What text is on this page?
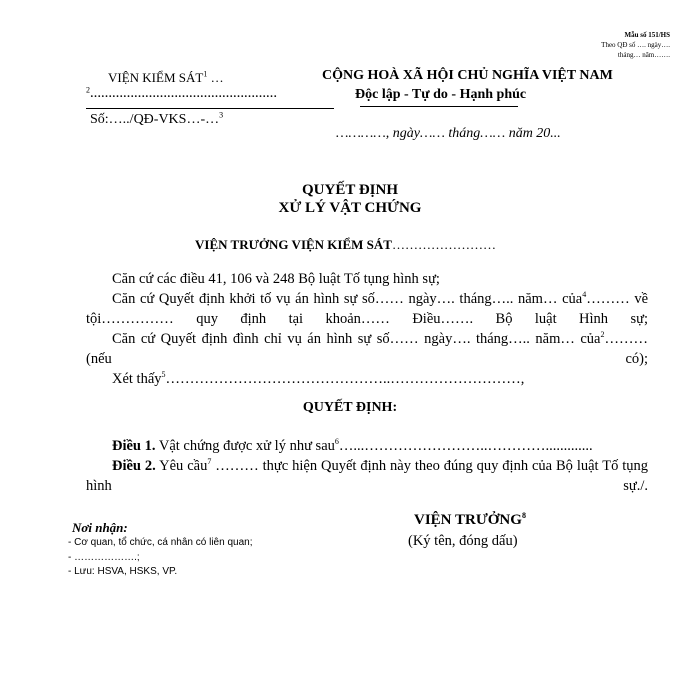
Mẫu số 151/HS
Theo QĐ số …. ngày….
tháng… năm…….
VIỆN KIỂM SÁT$^1$ …
$^2$……………………………………………
Số:…../QĐ-VKS…-…$^3$
CỘNG HOÀ XÃ HỘI CHỦ NGHĨA VIỆT NAM
Độc lập - Tự do - Hạnh phúc
…………, ngày…… tháng…… năm 20...
QUYẾT ĐỊNH
XỬ LÝ VẬT CHỨNG
VIỆN TRƯỞNG VIỆN KIỂM SÁT……………………
Căn cứ các điều 41, 106 và 248 Bộ luật Tố tụng hình sự;
Căn cứ Quyết định khởi tố vụ án hình sự số…… ngày…. tháng….. năm… của$^4$……… về tội…………… quy định tại khoản…… Điều……. Bộ luật Hình sự;
Căn cứ Quyết định đình chỉ vụ án hình sự số…… ngày…. tháng….. năm… của$^2$……… (nếu có);
Xét thấy$^5$………………………………………..………………………,
QUYẾT ĐỊNH:
Điều 1. Vật chứng được xử lý như sau$^6$…...……………………..………….............
Điều 2. Yêu cầu$^7$ ……… thực hiện Quyết định này theo đúng quy định của Bộ luật Tố tụng hình sự./.
Nơi nhận:
- Cơ quan, tổ chức, cá nhân có liên quan;
- ……………….;
- Lưu: HSVA, HSKS, VP.
VIỆN TRƯỞNG$^8$
(Ký tên, đóng dấu)
